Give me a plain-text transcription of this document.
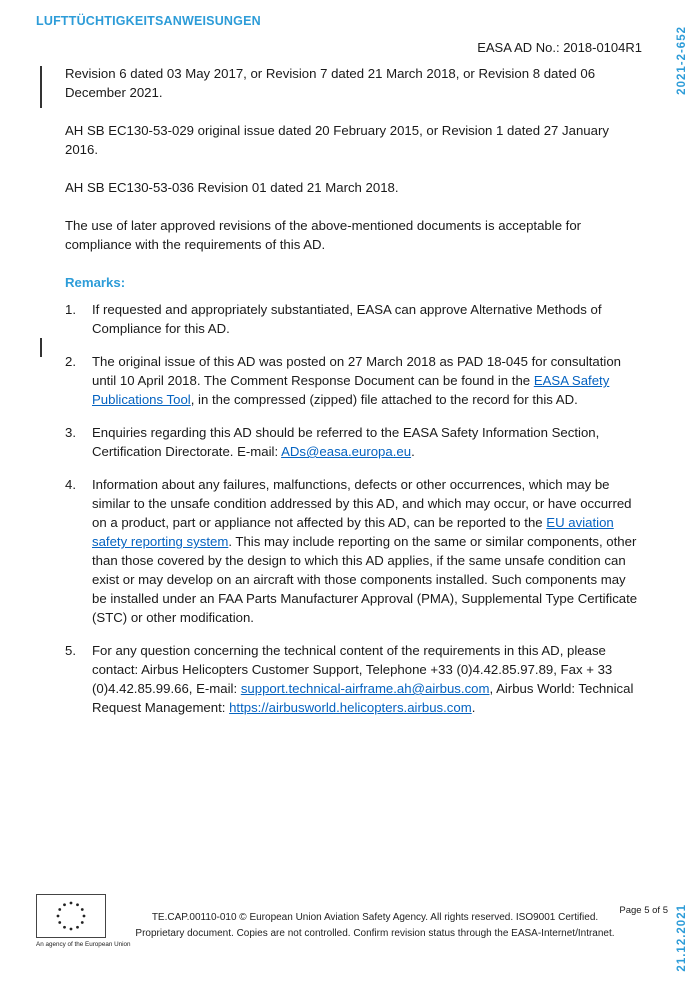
LUFTTÜCHTIGKEITSANWEISUNGEN
EASA AD No.: 2018-0104R1	2021-2-652
21.12.2021

Revision 6 dated 03 May 2017, or Revision 7 dated 21 March 2018, or Revision 8 dated 06 December 2021.

AH SB EC130-53-029 original issue dated 20 February 2015, or Revision 1 dated 27 January 2016.

AH SB EC130-53-036 Revision 01 dated 21 March 2018.

The use of later approved revisions of the above-mentioned documents is acceptable for compliance with the requirements of this AD.

Remarks:
1.	If requested and appropriately substantiated, EASA can approve Alternative Methods of Compliance for this AD.
2.	The original issue of this AD was posted on 27 March 2018 as PAD 18-045 for consultation until 10 April 2018. The Comment Response Document can be found in the EASA Safety Publications Tool, in the compressed (zipped) file attached to the record for this AD.
3.	Enquiries regarding this AD should be referred to the EASA Safety Information Section, Certification Directorate. E-mail: ADs@easa.europa.eu.
4.	Information about any failures, malfunctions, defects or other occurrences, which may be similar to the unsafe condition addressed by this AD, and which may occur, or have occurred on a product, part or appliance not affected by this AD, can be reported to the EU aviation safety reporting system. This may include reporting on the same or similar components, other than those covered by the design to which this AD applies, if the same unsafe condition can exist or may develop on an aircraft with those components installed. Such components may be installed under an FAA Parts Manufacturer Approval (PMA), Supplemental Type Certificate (STC) or other modification.
5.	For any question concerning the technical content of the requirements in this AD, please contact: Airbus Helicopters Customer Support, Telephone +33 (0)4.42.85.97.89, Fax + 33 (0)4.42.85.99.66, E-mail: support.technical-airframe.ah@airbus.com, Airbus World: Technical Request Management: https://airbusworld.helicopters.airbus.com.
An agency of the European Union
TE.CAP.00110-010 © European Union Aviation Safety Agency. All rights reserved. ISO9001 Certified.
Proprietary document. Copies are not controlled. Confirm revision status through the EASA-Internet/Intranet.
Page 5 of 5
